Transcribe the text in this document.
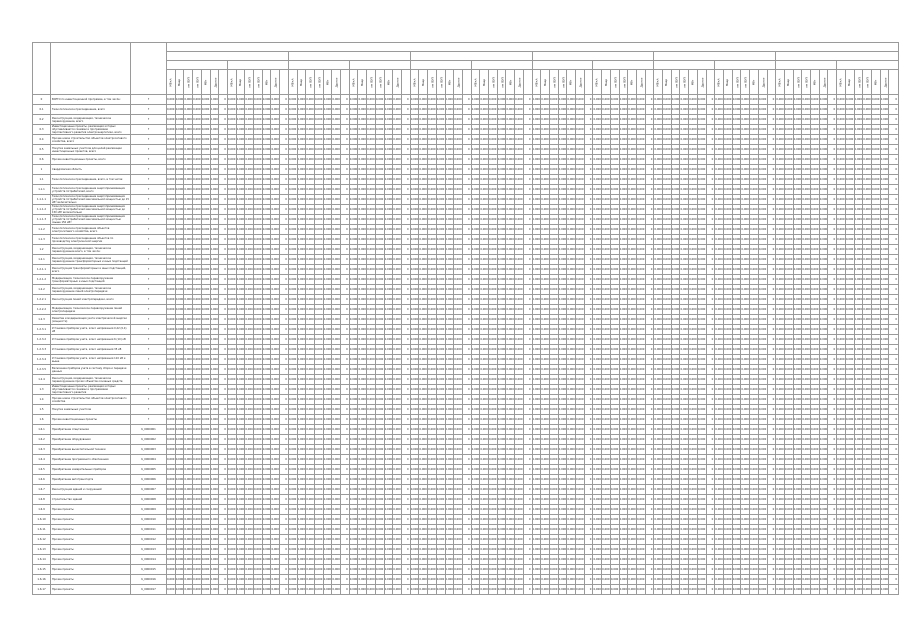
МВ×А	Мвар	км ЛЭП	км ЛЭП	МВт	Другое		МВ×А	Мвар	км ЛЭП	км ЛЭП	МВт	Другое		МВ×А	Мвар	км ЛЭП	км ЛЭП	МВт	Другое		МВ×А	Мвар	км ЛЭП	км ЛЭП	МВт	Другое		МВ×А	Мвар	км ЛЭП	км ЛЭП	МВт	Другое		МВ×А	Мвар	км ЛЭП	км ЛЭП	МВт	Другое		МВ×А	Мвар	км ЛЭП	км ЛЭП	МВт	Другое		МВ×А	Мвар	км ЛЭП	км ЛЭП	МВт	Другое		МВ×А	Мвар	км ЛЭП	км ЛЭП	МВт	Другое		МВ×А	Мвар	км ЛЭП	км ЛЭП	МВт	Другое		МВ×А	Мвар	км ЛЭП	км ЛЭП	МВт	Другое		МВ×А	Мвар	км ЛЭП	км ЛЭП	МВт	Другое	
0	ВСЕГО по инвестиционной программе, в том числе:	Г	0,000	0,000	0,000	0,000	0,000	0,000	0	0,000	0,000	0,000	0,000	0,000	0,000	0	0,000	0,000	0,000	0,000	0,000	0,000	0	0,000	0,000	0,000	0,000	0,000	0,000	0	0,000	0,000	0,000	0,000	0,000	0,000	0	0,000	0,000	0,000	0,000	0,000	0,000	0	0,000	0,000	0,000	0,000	0,000	0,000	0	0,000	0,000	0,000	0,000	0,000	0,000	0	0,000	0,000	0,000	0,000	0,000	0,000	0	0,000	0,000	0,000	0,000	0,000	0,000	0	0,000	0,000	0,000	0,000	0,000	0,000	0	0,000	0,000	0,000	0,000	0,000	0,000	0
0.1	Технологическое присоединение, всего	Г	0,000	0,000	0,000	0,000	0,000	0,000	0	0,000	0,000	0,000	0,000	0,000	0,000	0	0,000	0,000	0,000	0,000	0,000	0,000	0	0,000	0,000	0,000	0,000	0,000	0,000	0	0,000	0,000	0,000	0,000	0,000	0,000	0	0,000	0,000	0,000	0,000	0,000	0,000	0	0,000	0,000	0,000	0,000	0,000	0,000	0	0,000	0,000	0,000	0,000	0,000	0,000	0	0,000	0,000	0,000	0,000	0,000	0,000	0	0,000	0,000	0,000	0,000	0,000	0,000	0	0,000	0,000	0,000	0,000	0,000	0,000	0	0,000	0,000	0,000	0,000	0,000	0,000	0
0.2	Реконструкция, модернизация, техническое перевооружение, всего	Г	0,000	0,000	0,000	0,000	0,000	0,000	0	0,000	0,000	0,000	0,000	0,000	0,000	0	0,000	0,000	0,000	0,000	0,000	0,000	0	0,000	0,000	0,000	0,000	0,000	0,000	0	0,000	0,000	0,000	0,000	0,000	0,000	0	0,000	0,000	0,000	0,000	0,000	0,000	0	0,000	0,000	0,000	0,000	0,000	0,000	0	0,000	0,000	0,000	0,000	0,000	0,000	0	0,000	0,000	0,000	0,000	0,000	0,000	0	0,000	0,000	0,000	0,000	0,000	0,000	0	0,000	0,000	0,000	0,000	0,000	0,000	0	0,000	0,000	0,000	0,000	0,000	0,000	0
0.3	Инвестиционные проекты, реализация которых обуславливается схемами и программами перспективного развития электроэнергетики, всего	Г	0,000	0,000	0,000	0,000	0,000	0,000	0	0,000	0,000	0,000	0,000	0,000	0,000	0	0,000	0,000	0,000	0,000	0,000	0,000	0	0,000	0,000	0,000	0,000	0,000	0,000	0	0,000	0,000	0,000	0,000	0,000	0,000	0	0,000	0,000	0,000	0,000	0,000	0,000	0	0,000	0,000	0,000	0,000	0,000	0,000	0	0,000	0,000	0,000	0,000	0,000	0,000	0	0,000	0,000	0,000	0,000	0,000	0,000	0	0,000	0,000	0,000	0,000	0,000	0,000	0	0,000	0,000	0,000	0,000	0,000	0,000	0	0,000	0,000	0,000	0,000	0,000	0,000	0
0.4	Прочее новое строительство объектов электросетевого хозяйства, всего	Г	0,000	0,000	0,000	0,000	0,000	0,000	0	0,000	0,000	0,000	0,000	0,000	0,000	0	0,000	0,000	0,000	0,000	0,000	0,000	0	0,000	0,000	0,000	0,000	0,000	0,000	0	0,000	0,000	0,000	0,000	0,000	0,000	0	0,000	0,000	0,000	0,000	0,000	0,000	0	0,000	0,000	0,000	0,000	0,000	0,000	0	0,000	0,000	0,000	0,000	0,000	0,000	0	0,000	0,000	0,000	0,000	0,000	0,000	0	0,000	0,000	0,000	0,000	0,000	0,000	0	0,000	0,000	0,000	0,000	0,000	0,000	0	0,000	0,000	0,000	0,000	0,000	0,000	0
0.5	Покупка земельных участков для целей реализации инвестиционных проектов, всего	Г	0,000	0,000	0,000	0,000	0,000	0,000	0	0,000	0,000	0,000	0,000	0,000	0,000	0	0,000	0,000	0,000	0,000	0,000	0,000	0	0,000	0,000	0,000	0,000	0,000	0,000	0	0,000	0,000	0,000	0,000	0,000	0,000	0	0,000	0,000	0,000	0,000	0,000	0,000	0	0,000	0,000	0,000	0,000	0,000	0,000	0	0,000	0,000	0,000	0,000	0,000	0,000	0	0,000	0,000	0,000	0,000	0,000	0,000	0	0,000	0,000	0,000	0,000	0,000	0,000	0	0,000	0,000	0,000	0,000	0,000	0,000	0	0,000	0,000	0,000	0,000	0,000	0,000	0
0.6	Прочие инвестиционные проекты, всего	Г	0,000	0,000	0,000	0,000	0,000	0,000	0	0,000	0,000	0,000	0,000	0,000	0,000	0	0,000	0,000	0,000	0,000	0,000	0,000	0	0,000	0,000	0,000	0,000	0,000	0,000	0	0,000	0,000	0,000	0,000	0,000	0,000	0	0,000	0,000	0,000	0,000	0,000	0,000	0	0,000	0,000	0,000	0,000	0,000	0,000	0	0,000	0,000	0,000	0,000	0,000	0,000	0	0,000	0,000	0,000	0,000	0,000	0,000	0	0,000	0,000	0,000	0,000	0,000	0,000	0	0,000	0,000	0,000	0,000	0,000	0,000	0	0,000	0,000	0,000	0,000	0,000	0,000	0
1	Свердловская область	Г	0,000	0,000	0,000	0,000	0,000	0,000	0	0,000	0,000	0,000	0,000	0,000	0,000	0	0,000	0,000	0,000	0,000	0,000	0,000	0	0,000	0,000	0,000	0,000	0,000	0,000	0	0,000	0,000	0,000	0,000	0,000	0,000	0	0,000	0,000	0,000	0,000	0,000	0,000	0	0,000	0,000	0,000	0,000	0,000	0,000	0	0,000	0,000	0,000	0,000	0,000	0,000	0	0,000	0,000	0,000	0,000	0,000	0,000	0	0,000	0,000	0,000	0,000	0,000	0,000	0	0,000	0,000	0,000	0,000	0,000	0,000	0	0,000	0,000	0,000	0,000	0,000	0,000	0
1.1	Технологическое присоединение, всего, в том числе:	Г	0,000	0,000	0,000	0,000	0,000	0,000	0	0,000	0,000	0,000	0,000	0,000	0,000	0	0,000	0,000	0,000	0,000	0,000	0,000	0	0,000	0,000	0,000	0,000	0,000	0,000	0	0,000	0,000	0,000	0,000	0,000	0,000	0	0,000	0,000	0,000	0,000	0,000	0,000	0	0,000	0,000	0,000	0,000	0,000	0,000	0	0,000	0,000	0,000	0,000	0,000	0,000	0	0,000	0,000	0,000	0,000	0,000	0,000	0	0,000	0,000	0,000	0,000	0,000	0,000	0	0,000	0,000	0,000	0,000	0,000	0,000	0	0,000	0,000	0,000	0,000	0,000	0,000	0
1.1.1	Технологическое присоединение энергопринимающих устройств потребителей, всего	Г	0,000	0,000	0,000	0,000	0,000	0,000	0	0,000	0,000	0,000	0,000	0,000	0,000	0	0,000	0,000	0,000	0,000	0,000	0,000	0	0,000	0,000	0,000	0,000	0,000	0,000	0	0,000	0,000	0,000	0,000	0,000	0,000	0	0,000	0,000	0,000	0,000	0,000	0,000	0	0,000	0,000	0,000	0,000	0,000	0,000	0	0,000	0,000	0,000	0,000	0,000	0,000	0	0,000	0,000	0,000	0,000	0,000	0,000	0	0,000	0,000	0,000	0,000	0,000	0,000	0	0,000	0,000	0,000	0,000	0,000	0,000	0	0,000	0,000	0,000	0,000	0,000	0,000	0
1.1.1.1	Технологическое присоединение энергопринимающих устройств потребителей максимальной мощностью до 15 кВт включительно	Г	0,000	0,000	0,000	0,000	0,000	0,000	0	0,000	0,000	0,000	0,000	0,000	0,000	0	0,000	0,000	0,000	0,000	0,000	0,000	0	0,000	0,000	0,000	0,000	0,000	0,000	0	0,000	0,000	0,000	0,000	0,000	0,000	0	0,000	0,000	0,000	0,000	0,000	0,000	0	0,000	0,000	0,000	0,000	0,000	0,000	0	0,000	0,000	0,000	0,000	0,000	0,000	0	0,000	0,000	0,000	0,000	0,000	0,000	0	0,000	0,000	0,000	0,000	0,000	0,000	0	0,000	0,000	0,000	0,000	0,000	0,000	0	0,000	0,000	0,000	0,000	0,000	0,000	0
1.1.1.2	Технологическое присоединение энергопринимающих устройств потребителей максимальной мощностью до 150 кВт включительно	Г	0,000	0,000	0,000	0,000	0,000	0,000	0	0,000	0,000	0,000	0,000	0,000	0,000	0	0,000	0,000	0,000	0,000	0,000	0,000	0	0,000	0,000	0,000	0,000	0,000	0,000	0	0,000	0,000	0,000	0,000	0,000	0,000	0	0,000	0,000	0,000	0,000	0,000	0,000	0	0,000	0,000	0,000	0,000	0,000	0,000	0	0,000	0,000	0,000	0,000	0,000	0,000	0	0,000	0,000	0,000	0,000	0,000	0,000	0	0,000	0,000	0,000	0,000	0,000	0,000	0	0,000	0,000	0,000	0,000	0,000	0,000	0	0,000	0,000	0,000	0,000	0,000	0,000	0
1.1.1.3	Технологическое присоединение энергопринимающих устройств потребителей максимальной мощностью свыше 150 кВт	Г	0,000	0,000	0,000	0,000	0,000	0,000	0	0,000	0,000	0,000	0,000	0,000	0,000	0	0,000	0,000	0,000	0,000	0,000	0,000	0	0,000	0,000	0,000	0,000	0,000	0,000	0	0,000	0,000	0,000	0,000	0,000	0,000	0	0,000	0,000	0,000	0,000	0,000	0,000	0	0,000	0,000	0,000	0,000	0,000	0,000	0	0,000	0,000	0,000	0,000	0,000	0,000	0	0,000	0,000	0,000	0,000	0,000	0,000	0	0,000	0,000	0,000	0,000	0,000	0,000	0	0,000	0,000	0,000	0,000	0,000	0,000	0	0,000	0,000	0,000	0,000	0,000	0,000	0
1.1.2	Технологическое присоединение объектов электросетевого хозяйства, всего	Г	0,000	0,000	0,000	0,000	0,000	0,000	0	0,000	0,000	0,000	0,000	0,000	0,000	0	0,000	0,000	0,000	0,000	0,000	0,000	0	0,000	0,000	0,000	0,000	0,000	0,000	0	0,000	0,000	0,000	0,000	0,000	0,000	0	0,000	0,000	0,000	0,000	0,000	0,000	0	0,000	0,000	0,000	0,000	0,000	0,000	0	0,000	0,000	0,000	0,000	0,000	0,000	0	0,000	0,000	0,000	0,000	0,000	0,000	0	0,000	0,000	0,000	0,000	0,000	0,000	0	0,000	0,000	0,000	0,000	0,000	0,000	0	0,000	0,000	0,000	0,000	0,000	0,000	0
1.1.3	Технологическое присоединение объектов по производству электрической энергии	Г	0,000	0,000	0,000	0,000	0,000	0,000	0	0,000	0,000	0,000	0,000	0,000	0,000	0	0,000	0,000	0,000	0,000	0,000	0,000	0	0,000	0,000	0,000	0,000	0,000	0,000	0	0,000	0,000	0,000	0,000	0,000	0,000	0	0,000	0,000	0,000	0,000	0,000	0,000	0	0,000	0,000	0,000	0,000	0,000	0,000	0	0,000	0,000	0,000	0,000	0,000	0,000	0	0,000	0,000	0,000	0,000	0,000	0,000	0	0,000	0,000	0,000	0,000	0,000	0,000	0	0,000	0,000	0,000	0,000	0,000	0,000	0	0,000	0,000	0,000	0,000	0,000	0,000	0
1.2	Реконструкция, модернизация, техническое перевооружение всего, в том числе:	Г	0,000	0,000	0,000	0,000	0,000	0,000	0	0,000	0,000	0,000	0,000	0,000	0,000	0	0,000	0,000	0,000	0,000	0,000	0,000	0	0,000	0,000	0,000	0,000	0,000	0,000	0	0,000	0,000	0,000	0,000	0,000	0,000	0	0,000	0,000	0,000	0,000	0,000	0,000	0	0,000	0,000	0,000	0,000	0,000	0,000	0	0,000	0,000	0,000	0,000	0,000	0,000	0	0,000	0,000	0,000	0,000	0,000	0,000	0	0,000	0,000	0,000	0,000	0,000	0,000	0	0,000	0,000	0,000	0,000	0,000	0,000	0	0,000	0,000	0,000	0,000	0,000	0,000	0
1.2.1	Реконструкция, модернизация, техническое перевооружение трансформаторных и иных подстанций	Г	0,000	0,000	0,000	0,000	0,000	0,000	0	0,000	0,000	0,000	0,000	0,000	0,000	0	0,000	0,000	0,000	0,000	0,000	0,000	0	0,000	0,000	0,000	0,000	0,000	0,000	0	0,000	0,000	0,000	0,000	0,000	0,000	0	0,000	0,000	0,000	0,000	0,000	0,000	0	0,000	0,000	0,000	0,000	0,000	0,000	0	0,000	0,000	0,000	0,000	0,000	0,000	0	0,000	0,000	0,000	0,000	0,000	0,000	0	0,000	0,000	0,000	0,000	0,000	0,000	0	0,000	0,000	0,000	0,000	0,000	0,000	0	0,000	0,000	0,000	0,000	0,000	0,000	0
1.2.1.1	Реконструкция трансформаторных и иных подстанций, всего	Г	0,000	0,000	0,000	0,000	0,000	0,000	0	0,000	0,000	0,000	0,000	0,000	0,000	0	0,000	0,000	0,000	0,000	0,000	0,000	0	0,000	0,000	0,000	0,000	0,000	0,000	0	0,000	0,000	0,000	0,000	0,000	0,000	0	0,000	0,000	0,000	0,000	0,000	0,000	0	0,000	0,000	0,000	0,000	0,000	0,000	0	0,000	0,000	0,000	0,000	0,000	0,000	0	0,000	0,000	0,000	0,000	0,000	0,000	0	0,000	0,000	0,000	0,000	0,000	0,000	0	0,000	0,000	0,000	0,000	0,000	0,000	0	0,000	0,000	0,000	0,000	0,000	0,000	0
1.2.1.2	Модернизация, техническое перевооружение трансформаторных и иных подстанций	Г	0,000	0,000	0,000	0,000	0,000	0,000	0	0,000	0,000	0,000	0,000	0,000	0,000	0	0,000	0,000	0,000	0,000	0,000	0,000	0	0,000	0,000	0,000	0,000	0,000	0,000	0	0,000	0,000	0,000	0,000	0,000	0,000	0	0,000	0,000	0,000	0,000	0,000	0,000	0	0,000	0,000	0,000	0,000	0,000	0,000	0	0,000	0,000	0,000	0,000	0,000	0,000	0	0,000	0,000	0,000	0,000	0,000	0,000	0	0,000	0,000	0,000	0,000	0,000	0,000	0	0,000	0,000	0,000	0,000	0,000	0,000	0	0,000	0,000	0,000	0,000	0,000	0,000	0
1.2.2	Реконструкция, модернизация, техническое перевооружение линий электропередачи	Г	0,000	0,000	0,000	0,000	0,000	0,000	0	0,000	0,000	0,000	0,000	0,000	0,000	0	0,000	0,000	0,000	0,000	0,000	0,000	0	0,000	0,000	0,000	0,000	0,000	0,000	0	0,000	0,000	0,000	0,000	0,000	0,000	0	0,000	0,000	0,000	0,000	0,000	0,000	0	0,000	0,000	0,000	0,000	0,000	0,000	0	0,000	0,000	0,000	0,000	0,000	0,000	0	0,000	0,000	0,000	0,000	0,000	0,000	0	0,000	0,000	0,000	0,000	0,000	0,000	0	0,000	0,000	0,000	0,000	0,000	0,000	0	0,000	0,000	0,000	0,000	0,000	0,000	0
1.2.2.1	Реконструкция линий электропередачи, всего	Г	0,000	0,000	0,000	0,000	0,000	0,000	0	0,000	0,000	0,000	0,000	0,000	0,000	0	0,000	0,000	0,000	0,000	0,000	0,000	0	0,000	0,000	0,000	0,000	0,000	0,000	0	0,000	0,000	0,000	0,000	0,000	0,000	0	0,000	0,000	0,000	0,000	0,000	0,000	0	0,000	0,000	0,000	0,000	0,000	0,000	0	0,000	0,000	0,000	0,000	0,000	0,000	0	0,000	0,000	0,000	0,000	0,000	0,000	0	0,000	0,000	0,000	0,000	0,000	0,000	0	0,000	0,000	0,000	0,000	0,000	0,000	0	0,000	0,000	0,000	0,000	0,000	0,000	0
1.2.2.2	Модернизация, техническое перевооружение линий электропередачи	Г	0,000	0,000	0,000	0,000	0,000	0,000	0	0,000	0,000	0,000	0,000	0,000	0,000	0	0,000	0,000	0,000	0,000	0,000	0,000	0	0,000	0,000	0,000	0,000	0,000	0,000	0	0,000	0,000	0,000	0,000	0,000	0,000	0	0,000	0,000	0,000	0,000	0,000	0,000	0	0,000	0,000	0,000	0,000	0,000	0,000	0	0,000	0,000	0,000	0,000	0,000	0,000	0	0,000	0,000	0,000	0,000	0,000	0,000	0	0,000	0,000	0,000	0,000	0,000	0,000	0	0,000	0,000	0,000	0,000	0,000	0,000	0	0,000	0,000	0,000	0,000	0,000	0,000	0
1.2.3	Развитие и модернизация учета электрической энергии (мощности)	Г	0,000	0,000	0,000	0,000	0,000	0,000	0	0,000	0,000	0,000	0,000	0,000	0,000	0	0,000	0,000	0,000	0,000	0,000	0,000	0	0,000	0,000	0,000	0,000	0,000	0,000	0	0,000	0,000	0,000	0,000	0,000	0,000	0	0,000	0,000	0,000	0,000	0,000	0,000	0	0,000	0,000	0,000	0,000	0,000	0,000	0	0,000	0,000	0,000	0,000	0,000	0,000	0	0,000	0,000	0,000	0,000	0,000	0,000	0	0,000	0,000	0,000	0,000	0,000	0,000	0	0,000	0,000	0,000	0,000	0,000	0,000	0	0,000	0,000	0,000	0,000	0,000	0,000	0
1.2.3.1	Установка приборов учета, класс напряжения 0,22 (0,4) кВ	Г	0,000	0,000	0,000	0,000	0,000	0,000	0	0,000	0,000	0,000	0,000	0,000	0,000	0	0,000	0,000	0,000	0,000	0,000	0,000	0	0,000	0,000	0,000	0,000	0,000	0,000	0	0,000	0,000	0,000	0,000	0,000	0,000	0	0,000	0,000	0,000	0,000	0,000	0,000	0	0,000	0,000	0,000	0,000	0,000	0,000	0	0,000	0,000	0,000	0,000	0,000	0,000	0	0,000	0,000	0,000	0,000	0,000	0,000	0	0,000	0,000	0,000	0,000	0,000	0,000	0	0,000	0,000	0,000	0,000	0,000	0,000	0	0,000	0,000	0,000	0,000	0,000	0,000	0
1.2.3.2	Установка приборов учета, класс напряжения 6 (10) кВ	Г	0,000	0,000	0,000	0,000	0,000	0,000	0	0,000	0,000	0,000	0,000	0,000	0,000	0	0,000	0,000	0,000	0,000	0,000	0,000	0	0,000	0,000	0,000	0,000	0,000	0,000	0	0,000	0,000	0,000	0,000	0,000	0,000	0	0,000	0,000	0,000	0,000	0,000	0,000	0	0,000	0,000	0,000	0,000	0,000	0,000	0	0,000	0,000	0,000	0,000	0,000	0,000	0	0,000	0,000	0,000	0,000	0,000	0,000	0	0,000	0,000	0,000	0,000	0,000	0,000	0	0,000	0,000	0,000	0,000	0,000	0,000	0	0,000	0,000	0,000	0,000	0,000	0,000	0
1.2.3.3	Установка приборов учета, класс напряжения 35 кВ	Г	0,000	0,000	0,000	0,000	0,000	0,000	0	0,000	0,000	0,000	0,000	0,000	0,000	0	0,000	0,000	0,000	0,000	0,000	0,000	0	0,000	0,000	0,000	0,000	0,000	0,000	0	0,000	0,000	0,000	0,000	0,000	0,000	0	0,000	0,000	0,000	0,000	0,000	0,000	0	0,000	0,000	0,000	0,000	0,000	0,000	0	0,000	0,000	0,000	0,000	0,000	0,000	0	0,000	0,000	0,000	0,000	0,000	0,000	0	0,000	0,000	0,000	0,000	0,000	0,000	0	0,000	0,000	0,000	0,000	0,000	0,000	0	0,000	0,000	0,000	0,000	0,000	0,000	0
1.2.3.4	Установка приборов учета, класс напряжения 110 кВ и выше	Г	0,000	0,000	0,000	0,000	0,000	0,000	0	0,000	0,000	0,000	0,000	0,000	0,000	0	0,000	0,000	0,000	0,000	0,000	0,000	0	0,000	0,000	0,000	0,000	0,000	0,000	0	0,000	0,000	0,000	0,000	0,000	0,000	0	0,000	0,000	0,000	0,000	0,000	0,000	0	0,000	0,000	0,000	0,000	0,000	0,000	0	0,000	0,000	0,000	0,000	0,000	0,000	0	0,000	0,000	0,000	0,000	0,000	0,000	0	0,000	0,000	0,000	0,000	0,000	0,000	0	0,000	0,000	0,000	0,000	0,000	0,000	0	0,000	0,000	0,000	0,000	0,000	0,000	0
1.2.3.5	Включение приборов учета в систему сбора и передачи данных	Г	0,000	0,000	0,000	0,000	0,000	0,000	0	0,000	0,000	0,000	0,000	0,000	0,000	0	0,000	0,000	0,000	0,000	0,000	0,000	0	0,000	0,000	0,000	0,000	0,000	0,000	0	0,000	0,000	0,000	0,000	0,000	0,000	0	0,000	0,000	0,000	0,000	0,000	0,000	0	0,000	0,000	0,000	0,000	0,000	0,000	0	0,000	0,000	0,000	0,000	0,000	0,000	0	0,000	0,000	0,000	0,000	0,000	0,000	0	0,000	0,000	0,000	0,000	0,000	0,000	0	0,000	0,000	0,000	0,000	0,000	0,000	0	0,000	0,000	0,000	0,000	0,000	0,000	0
1.2.4	Реконструкция, модернизация, техническое перевооружение прочих объектов основных средств	Г	0,000	0,000	0,000	0,000	0,000	0,000	0	0,000	0,000	0,000	0,000	0,000	0,000	0	0,000	0,000	0,000	0,000	0,000	0,000	0	0,000	0,000	0,000	0,000	0,000	0,000	0	0,000	0,000	0,000	0,000	0,000	0,000	0	0,000	0,000	0,000	0,000	0,000	0,000	0	0,000	0,000	0,000	0,000	0,000	0,000	0	0,000	0,000	0,000	0,000	0,000	0,000	0	0,000	0,000	0,000	0,000	0,000	0,000	0	0,000	0,000	0,000	0,000	0,000	0,000	0	0,000	0,000	0,000	0,000	0,000	0,000	0	0,000	0,000	0,000	0,000	0,000	0,000	0
1.3	Инвестиционные проекты, реализация которых обуславливается схемами и программами перспективного развития	Г	0,000	0,000	0,000	0,000	0,000	0,000	0	0,000	0,000	0,000	0,000	0,000	0,000	0	0,000	0,000	0,000	0,000	0,000	0,000	0	0,000	0,000	0,000	0,000	0,000	0,000	0	0,000	0,000	0,000	0,000	0,000	0,000	0	0,000	0,000	0,000	0,000	0,000	0,000	0	0,000	0,000	0,000	0,000	0,000	0,000	0	0,000	0,000	0,000	0,000	0,000	0,000	0	0,000	0,000	0,000	0,000	0,000	0,000	0	0,000	0,000	0,000	0,000	0,000	0,000	0	0,000	0,000	0,000	0,000	0,000	0,000	0	0,000	0,000	0,000	0,000	0,000	0,000	0
1.4	Прочее новое строительство объектов электросетевого хозяйства	Г	0,000	0,000	0,000	0,000	0,000	0,000	0	0,000	0,000	0,000	0,000	0,000	0,000	0	0,000	0,000	0,000	0,000	0,000	0,000	0	0,000	0,000	0,000	0,000	0,000	0,000	0	0,000	0,000	0,000	0,000	0,000	0,000	0	0,000	0,000	0,000	0,000	0,000	0,000	0	0,000	0,000	0,000	0,000	0,000	0,000	0	0,000	0,000	0,000	0,000	0,000	0,000	0	0,000	0,000	0,000	0,000	0,000	0,000	0	0,000	0,000	0,000	0,000	0,000	0,000	0	0,000	0,000	0,000	0,000	0,000	0,000	0	0,000	0,000	0,000	0,000	0,000	0,000	0
1.5	Покупка земельных участков	Г	0,000	0,000	0,000	0,000	0,000	0,000	0	0,000	0,000	0,000	0,000	0,000	0,000	0	0,000	0,000	0,000	0,000	0,000	0,000	0	0,000	0,000	0,000	0,000	0,000	0,000	0	0,000	0,000	0,000	0,000	0,000	0,000	0	0,000	0,000	0,000	0,000	0,000	0,000	0	0,000	0,000	0,000	0,000	0,000	0,000	0	0,000	0,000	0,000	0,000	0,000	0,000	0	0,000	0,000	0,000	0,000	0,000	0,000	0	0,000	0,000	0,000	0,000	0,000	0,000	0	0,000	0,000	0,000	0,000	0,000	0,000	0	0,000	0,000	0,000	0,000	0,000	0,000	0
1.6	Прочие инвестиционные проекты	Г	0,000	0,000	0,000	0,000	0,000	0,000	0	0,000	0,000	0,000	0,000	0,000	0,000	0	0,000	0,000	0,000	0,000	0,000	0,000	0	0,000	0,000	0,000	0,000	0,000	0,000	0	0,000	0,000	0,000	0,000	0,000	0,000	0	0,000	0,000	0,000	0,000	0,000	0,000	0	0,000	0,000	0,000	0,000	0,000	0,000	0	0,000	0,000	0,000	0,000	0,000	0,000	0	0,000	0,000	0,000	0,000	0,000	0,000	0	0,000	0,000	0,000	0,000	0,000	0,000	0	0,000	0,000	0,000	0,000	0,000	0,000	0	0,000	0,000	0,000	0,000	0,000	0,000	0
1.6.1	Приобретение спецтехники	K_0000001	0,000	0,000	0,000	0,000	0,000	0,000	0	0,000	0,000	0,000	0,000	0,000	0,000	0	0,000	0,000	0,000	0,000	0,000	0,000	0	0,000	0,000	0,000	0,000	0,000	0,000	0	0,000	0,000	0,000	0,000	0,000	0,000	0	0,000	0,000	0,000	0,000	0,000	0,000	0	0,000	0,000	0,000	0,000	0,000	0,000	0	0,000	0,000	0,000	0,000	0,000	0,000	0	0,000	0,000	0,000	0,000	0,000	0,000	0	0,000	0,000	0,000	0,000	0,000	0,000	0	0,000	0,000	0,000	0,000	0,000	0,000	0	0,000	0,000	0,000	0,000	0,000	0,000	0
1.6.2	Приобретение оборудования	K_0000002	0,000	0,000	0,000	0,000	0,000	0,000	0	0,000	0,000	0,000	0,000	0,000	0,000	0	0,000	0,000	0,000	0,000	0,000	0,000	0	0,000	0,000	0,000	0,000	0,000	0,000	0	0,000	0,000	0,000	0,000	0,000	0,000	0	0,000	0,000	0,000	0,000	0,000	0,000	0	0,000	0,000	0,000	0,000	0,000	0,000	0	0,000	0,000	0,000	0,000	0,000	0,000	0	0,000	0,000	0,000	0,000	0,000	0,000	0	0,000	0,000	0,000	0,000	0,000	0,000	0	0,000	0,000	0,000	0,000	0,000	0,000	0	0,000	0,000	0,000	0,000	0,000	0,000	0
1.6.3	Приобретение вычислительной техники	K_0000003	0,000	0,000	0,000	0,000	0,000	0,000	0	0,000	0,000	0,000	0,000	0,000	0,000	0	0,000	0,000	0,000	0,000	0,000	0,000	0	0,000	0,000	0,000	0,000	0,000	0,000	0	0,000	0,000	0,000	0,000	0,000	0,000	0	0,000	0,000	0,000	0,000	0,000	0,000	0	0,000	0,000	0,000	0,000	0,000	0,000	0	0,000	0,000	0,000	0,000	0,000	0,000	0	0,000	0,000	0,000	0,000	0,000	0,000	0	0,000	0,000	0,000	0,000	0,000	0,000	0	0,000	0,000	0,000	0,000	0,000	0,000	0	0,000	0,000	0,000	0,000	0,000	0,000	0
1.6.4	Приобретение программного обеспечения	K_0000004	0,000	0,000	0,000	0,000	0,000	0,000	0	0,000	0,000	0,000	0,000	0,000	0,000	0	0,000	0,000	0,000	0,000	0,000	0,000	0	0,000	0,000	0,000	0,000	0,000	0,000	0	0,000	0,000	0,000	0,000	0,000	0,000	0	0,000	0,000	0,000	0,000	0,000	0,000	0	0,000	0,000	0,000	0,000	0,000	0,000	0	0,000	0,000	0,000	0,000	0,000	0,000	0	0,000	0,000	0,000	0,000	0,000	0,000	0	0,000	0,000	0,000	0,000	0,000	0,000	0	0,000	0,000	0,000	0,000	0,000	0,000	0	0,000	0,000	0,000	0,000	0,000	0,000	0
1.6.5	Приобретение измерительных приборов	K_0000005	0,000	0,000	0,000	0,000	0,000	0,000	0	0,000	0,000	0,000	0,000	0,000	0,000	0	0,000	0,000	0,000	0,000	0,000	0,000	0	0,000	0,000	0,000	0,000	0,000	0,000	0	0,000	0,000	0,000	0,000	0,000	0,000	0	0,000	0,000	0,000	0,000	0,000	0,000	0	0,000	0,000	0,000	0,000	0,000	0,000	0	0,000	0,000	0,000	0,000	0,000	0,000	0	0,000	0,000	0,000	0,000	0,000	0,000	0	0,000	0,000	0,000	0,000	0,000	0,000	0	0,000	0,000	0,000	0,000	0,000	0,000	0	0,000	0,000	0,000	0,000	0,000	0,000	0
1.6.6	Приобретение автотранспорта	K_0000006	0,000	0,000	0,000	0,000	0,000	0,000	0	0,000	0,000	0,000	0,000	0,000	0,000	0	0,000	0,000	0,000	0,000	0,000	0,000	0	0,000	0,000	0,000	0,000	0,000	0,000	0	0,000	0,000	0,000	0,000	0,000	0,000	0	0,000	0,000	0,000	0,000	0,000	0,000	0	0,000	0,000	0,000	0,000	0,000	0,000	0	0,000	0,000	0,000	0,000	0,000	0,000	0	0,000	0,000	0,000	0,000	0,000	0,000	0	0,000	0,000	0,000	0,000	0,000	0,000	0	0,000	0,000	0,000	0,000	0,000	0,000	0	0,000	0,000	0,000	0,000	0,000	0,000	0
1.6.7	Реконструкция зданий и сооружений	K_0000007	0,000	0,000	0,000	0,000	0,000	0,000	0	0,000	0,000	0,000	0,000	0,000	0,000	0	0,000	0,000	0,000	0,000	0,000	0,000	0	0,000	0,000	0,000	0,000	0,000	0,000	0	0,000	0,000	0,000	0,000	0,000	0,000	0	0,000	0,000	0,000	0,000	0,000	0,000	0	0,000	0,000	0,000	0,000	0,000	0,000	0	0,000	0,000	0,000	0,000	0,000	0,000	0	0,000	0,000	0,000	0,000	0,000	0,000	0	0,000	0,000	0,000	0,000	0,000	0,000	0	0,000	0,000	0,000	0,000	0,000	0,000	0	0,000	0,000	0,000	0,000	0,000	0,000	0
1.6.8	Строительство зданий	K_0000008	0,000	0,000	0,000	0,000	0,000	0,000	0	0,000	0,000	0,000	0,000	0,000	0,000	0	0,000	0,000	0,000	0,000	0,000	0,000	0	0,000	0,000	0,000	0,000	0,000	0,000	0	0,000	0,000	0,000	0,000	0,000	0,000	0	0,000	0,000	0,000	0,000	0,000	0,000	0	0,000	0,000	0,000	0,000	0,000	0,000	0	0,000	0,000	0,000	0,000	0,000	0,000	0	0,000	0,000	0,000	0,000	0,000	0,000	0	0,000	0,000	0,000	0,000	0,000	0,000	0	0,000	0,000	0,000	0,000	0,000	0,000	0	0,000	0,000	0,000	0,000	0,000	0,000	0
1.6.9	Прочие проекты	K_0000009	0,000	0,000	0,000	0,000	0,000	0,000	0	0,000	0,000	0,000	0,000	0,000	0,000	0	0,000	0,000	0,000	0,000	0,000	0,000	0	0,000	0,000	0,000	0,000	0,000	0,000	0	0,000	0,000	0,000	0,000	0,000	0,000	0	0,000	0,000	0,000	0,000	0,000	0,000	0	0,000	0,000	0,000	0,000	0,000	0,000	0	0,000	0,000	0,000	0,000	0,000	0,000	0	0,000	0,000	0,000	0,000	0,000	0,000	0	0,000	0,000	0,000	0,000	0,000	0,000	0	0,000	0,000	0,000	0,000	0,000	0,000	0	0,000	0,000	0,000	0,000	0,000	0,000	0
1.6.10	Прочие проекты	K_0000010	0,000	0,000	0,000	0,000	0,000	0,000	0	0,000	0,000	0,000	0,000	0,000	0,000	0	0,000	0,000	0,000	0,000	0,000	0,000	0	0,000	0,000	0,000	0,000	0,000	0,000	0	0,000	0,000	0,000	0,000	0,000	0,000	0	0,000	0,000	0,000	0,000	0,000	0,000	0	0,000	0,000	0,000	0,000	0,000	0,000	0	0,000	0,000	0,000	0,000	0,000	0,000	0	0,000	0,000	0,000	0,000	0,000	0,000	0	0,000	0,000	0,000	0,000	0,000	0,000	0	0,000	0,000	0,000	0,000	0,000	0,000	0	0,000	0,000	0,000	0,000	0,000	0,000	0
1.6.11	Прочие проекты	K_0000011	0,000	0,000	0,000	0,000	0,000	0,000	0	0,000	0,000	0,000	0,000	0,000	0,000	0	0,000	0,000	0,000	0,000	0,000	0,000	0	0,000	0,000	0,000	0,000	0,000	0,000	0	0,000	0,000	0,000	0,000	0,000	0,000	0	0,000	0,000	0,000	0,000	0,000	0,000	0	0,000	0,000	0,000	0,000	0,000	0,000	0	0,000	0,000	0,000	0,000	0,000	0,000	0	0,000	0,000	0,000	0,000	0,000	0,000	0	0,000	0,000	0,000	0,000	0,000	0,000	0	0,000	0,000	0,000	0,000	0,000	0,000	0	0,000	0,000	0,000	0,000	0,000	0,000	0
1.6.12	Прочие проекты	K_0000012	0,000	0,000	0,000	0,000	0,000	0,000	0	0,000	0,000	0,000	0,000	0,000	0,000	0	0,000	0,000	0,000	0,000	0,000	0,000	0	0,000	0,000	0,000	0,000	0,000	0,000	0	0,000	0,000	0,000	0,000	0,000	0,000	0	0,000	0,000	0,000	0,000	0,000	0,000	0	0,000	0,000	0,000	0,000	0,000	0,000	0	0,000	0,000	0,000	0,000	0,000	0,000	0	0,000	0,000	0,000	0,000	0,000	0,000	0	0,000	0,000	0,000	0,000	0,000	0,000	0	0,000	0,000	0,000	0,000	0,000	0,000	0	0,000	0,000	0,000	0,000	0,000	0,000	0
1.6.13	Прочие проекты	K_0000013	0,000	0,000	0,000	0,000	0,000	0,000	0	0,000	0,000	0,000	0,000	0,000	0,000	0	0,000	0,000	0,000	0,000	0,000	0,000	0	0,000	0,000	0,000	0,000	0,000	0,000	0	0,000	0,000	0,000	0,000	0,000	0,000	0	0,000	0,000	0,000	0,000	0,000	0,000	0	0,000	0,000	0,000	0,000	0,000	0,000	0	0,000	0,000	0,000	0,000	0,000	0,000	0	0,000	0,000	0,000	0,000	0,000	0,000	0	0,000	0,000	0,000	0,000	0,000	0,000	0	0,000	0,000	0,000	0,000	0,000	0,000	0	0,000	0,000	0,000	0,000	0,000	0,000	0
1.6.14	Прочие проекты	K_0000014	0,000	0,000	0,000	0,000	0,000	0,000	0	0,000	0,000	0,000	0,000	0,000	0,000	0	0,000	0,000	0,000	0,000	0,000	0,000	0	0,000	0,000	0,000	0,000	0,000	0,000	0	0,000	0,000	0,000	0,000	0,000	0,000	0	0,000	0,000	0,000	0,000	0,000	0,000	0	0,000	0,000	0,000	0,000	0,000	0,000	0	0,000	0,000	0,000	0,000	0,000	0,000	0	0,000	0,000	0,000	0,000	0,000	0,000	0	0,000	0,000	0,000	0,000	0,000	0,000	0	0,000	0,000	0,000	0,000	0,000	0,000	0	0,000	0,000	0,000	0,000	0,000	0,000	0
1.6.15	Прочие проекты	K_0000015	0,000	0,000	0,000	0,000	0,000	0,000	0	0,000	0,000	0,000	0,000	0,000	0,000	0	0,000	0,000	0,000	0,000	0,000	0,000	0	0,000	0,000	0,000	0,000	0,000	0,000	0	0,000	0,000	0,000	0,000	0,000	0,000	0	0,000	0,000	0,000	0,000	0,000	0,000	0	0,000	0,000	0,000	0,000	0,000	0,000	0	0,000	0,000	0,000	0,000	0,000	0,000	0	0,000	0,000	0,000	0,000	0,000	0,000	0	0,000	0,000	0,000	0,000	0,000	0,000	0	0,000	0,000	0,000	0,000	0,000	0,000	0	0,000	0,000	0,000	0,000	0,000	0,000	0
1.6.16	Прочие проекты	K_0000016	0,000	0,000	0,000	0,000	0,000	0,000	0	0,000	0,000	0,000	0,000	0,000	0,000	0	0,000	0,000	0,000	0,000	0,000	0,000	0	0,000	0,000	0,000	0,000	0,000	0,000	0	0,000	0,000	0,000	0,000	0,000	0,000	0	0,000	0,000	0,000	0,000	0,000	0,000	0	0,000	0,000	0,000	0,000	0,000	0,000	0	0,000	0,000	0,000	0,000	0,000	0,000	0	0,000	0,000	0,000	0,000	0,000	0,000	0	0,000	0,000	0,000	0,000	0,000	0,000	0	0,000	0,000	0,000	0,000	0,000	0,000	0	0,000	0,000	0,000	0,000	0,000	0,000	0
1.6.17	Прочие проекты	K_0000017	0,000	0,000	0,000	0,000	0,000	0,000	0	0,000	0,000	0,000	0,000	0,000	0,000	0	0,000	0,000	0,000	0,000	0,000	0,000	0	0,000	0,000	0,000	0,000	0,000	0,000	0	0,000	0,000	0,000	0,000	0,000	0,000	0	0,000	0,000	0,000	0,000	0,000	0,000	0	0,000	0,000	0,000	0,000	0,000	0,000	0	0,000	0,000	0,000	0,000	0,000	0,000	0	0,000	0,000	0,000	0,000	0,000	0,000	0	0,000	0,000	0,000	0,000	0,000	0,000	0	0,000	0,000	0,000	0,000	0,000	0,000	0	0,000	0,000	0,000	0,000	0,000	0,000	0
